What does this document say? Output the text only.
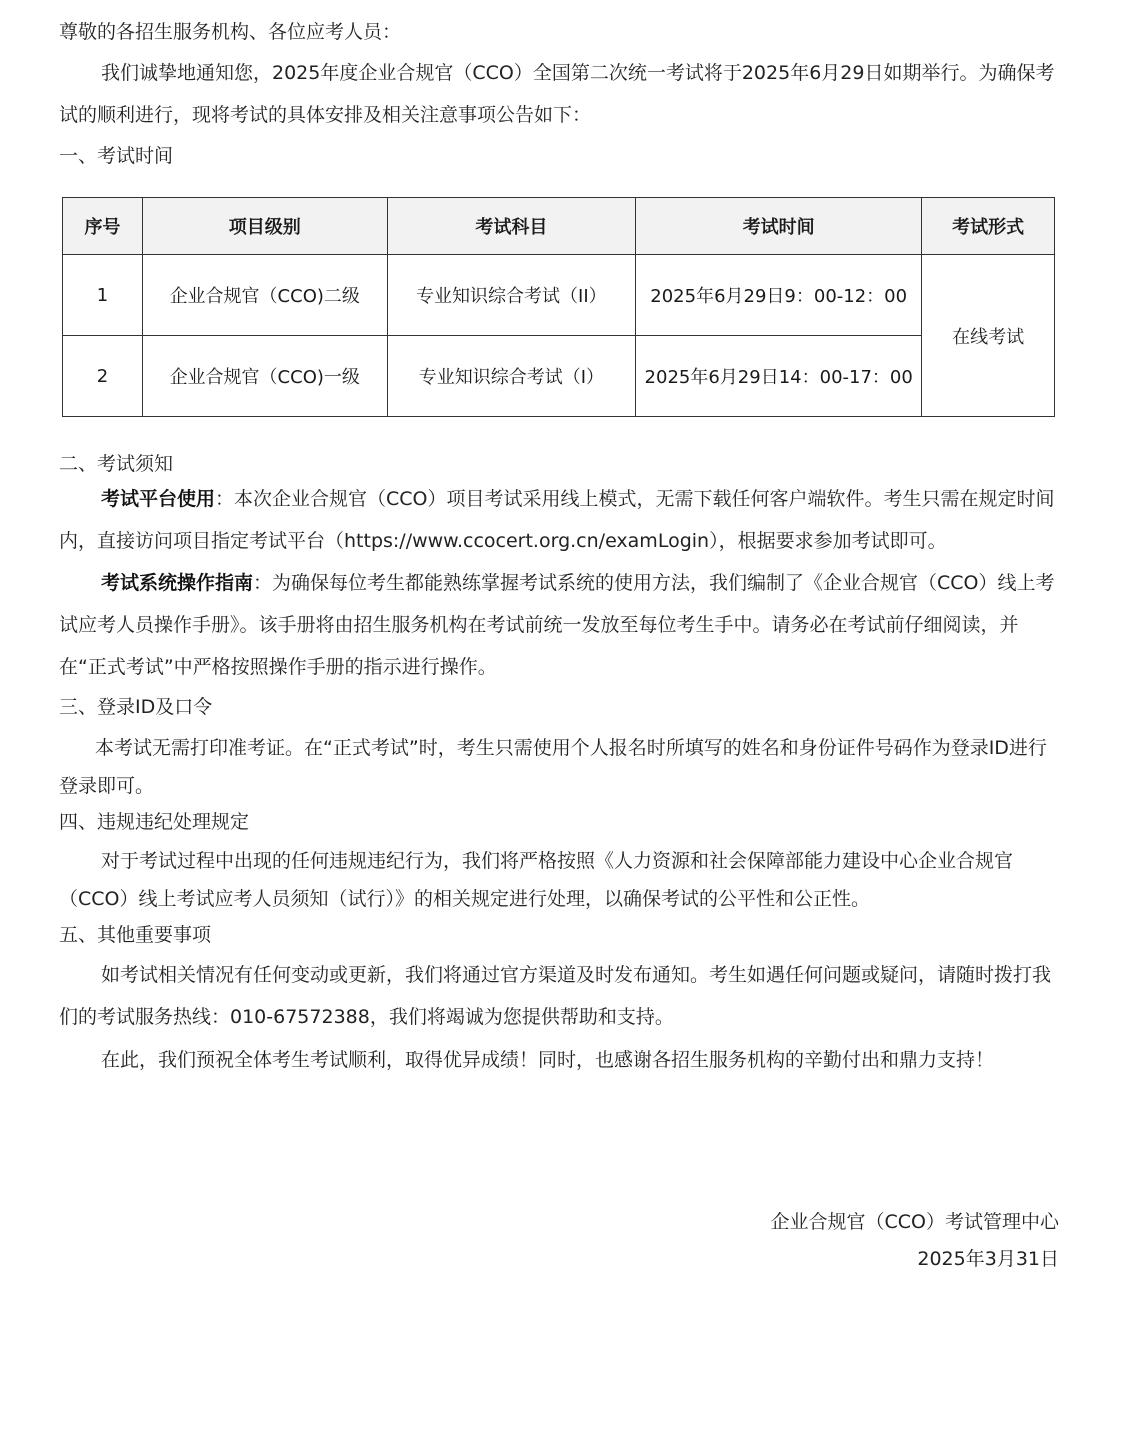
尊敬的各招生服务机构、各位应考人员：

我们诚挚地通知您，2025年度企业合规官（CCO）全国第二次统一考试将于2025年6月29日如期举行。为确保考试的顺利进行，现将考试的具体安排及相关注意事项公告如下：

一、考试时间

序号	项目级别	考试科目	考试时间	考试形式
1	企业合规官（CCO)二级	专业知识综合考试（II）	2025年6月29日9：00-12：00	在线考试
2	企业合规官（CCO)一级	专业知识综合考试（I）	2025年6月29日14：00-17：00	

二、考试须知

考试平台使用：本次企业合规官（CCO）项目考试采用线上模式，无需下载任何客户端软件。考生只需在规定时间内，直接访问项目指定考试平台（https://www.ccocert.org.cn/examLogin），根据要求参加考试即可。

考试系统操作指南：为确保每位考生都能熟练掌握考试系统的使用方法，我们编制了《企业合规官（CCO）线上考试应考人员操作手册》。该手册将由招生服务机构在考试前统一发放至每位考生手中。请务必在考试前仔细阅读，并在“正式考试”中严格按照操作手册的指示进行操作。

三、登录ID及口令

本考试无需打印准考证。在“正式考试”时，考生只需使用个人报名时所填写的姓名和身份证件号码作为登录ID进行登录即可。

四、违规违纪处理规定

对于考试过程中出现的任何违规违纪行为，我们将严格按照《人力资源和社会保障部能力建设中心企业合规官（CCO）线上考试应考人员须知（试行）》的相关规定进行处理，以确保考试的公平性和公正性。

五、其他重要事项

如考试相关情况有任何变动或更新，我们将通过官方渠道及时发布通知。考生如遇任何问题或疑问，请随时拨打我们的考试服务热线：010-67572388，我们将竭诚为您提供帮助和支持。

在此，我们预祝全体考生考试顺利，取得优异成绩！同时，也感谢各招生服务机构的辛勤付出和鼎力支持！

企业合规官（CCO）考试管理中心

2025年3月31日
